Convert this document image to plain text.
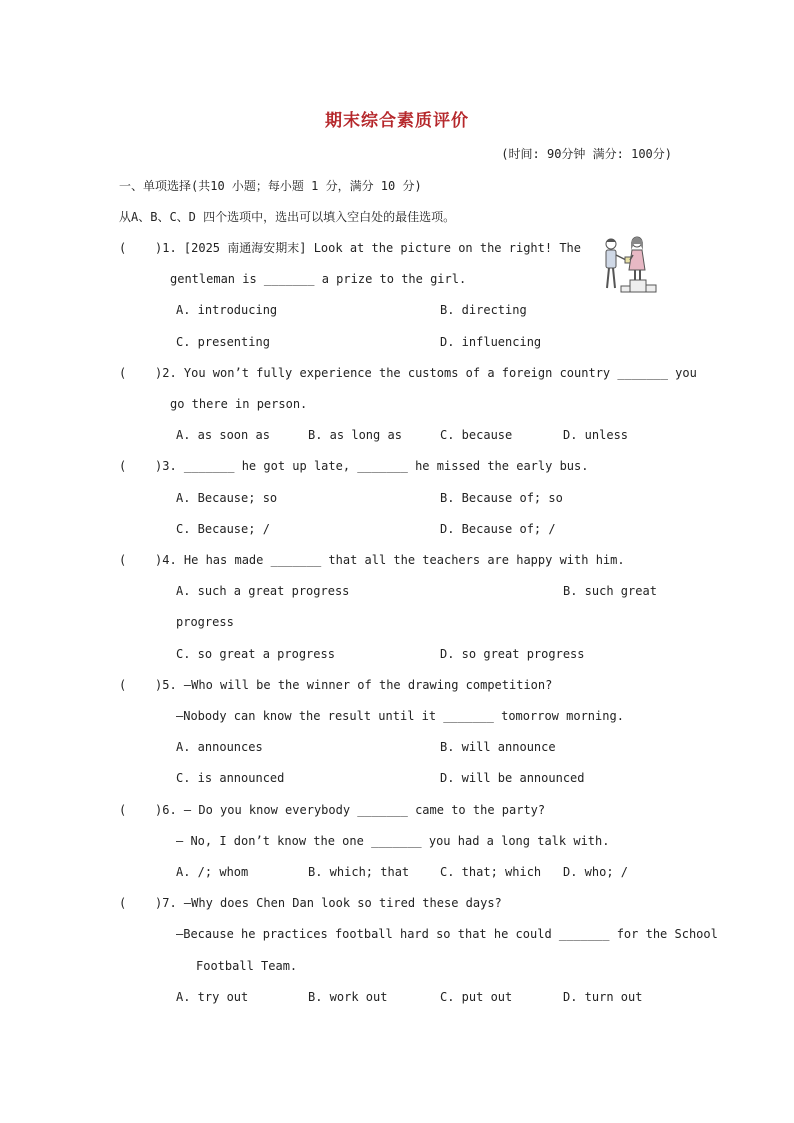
期末综合素质评价
(时间: 90分钟 满分: 100分)
一、单项选择(共10 小题；每小题 1 分，满分 10 分)
从A、B、C、D 四个选项中，选出可以填入空白处的最佳选项。
( )1. [2025 南通海安期末] Look at the picture on the right! The
gentleman is _______ a prize to the girl.
A. introducing	B. directing
C. presenting	D. influencing
( )2. You won’t fully experience the customs of a foreign country _______ you
go there in person.
A. as soon as	B. as long as	C. because	D. unless
( )3. _______ he got up late, _______ he missed the early bus.
A. Because; so	B. Because of; so
C. Because; /	D. Because of; /
( )4. He has made _______ that all the teachers are happy with him.
A. such a great progress	B. such great
progress
C. so great a progress	D. so great progress
( )5. —Who will be the winner of the drawing competition?
—Nobody can know the result until it _______ tomorrow morning.
A. announces	B. will announce
C. is announced	D. will be announced
( )6. — Do you know everybody _______ came to the party?
— No, I don’t know the one _______ you had a long talk with.
A. /; whom	B. which; that	C. that; which D. who; /
( )7. —Why does Chen Dan look so tired these days?
—Because he practices football hard so that he could _______ for the School
Football Team.
A. try out	B. work out	C. put out	D. turn out
